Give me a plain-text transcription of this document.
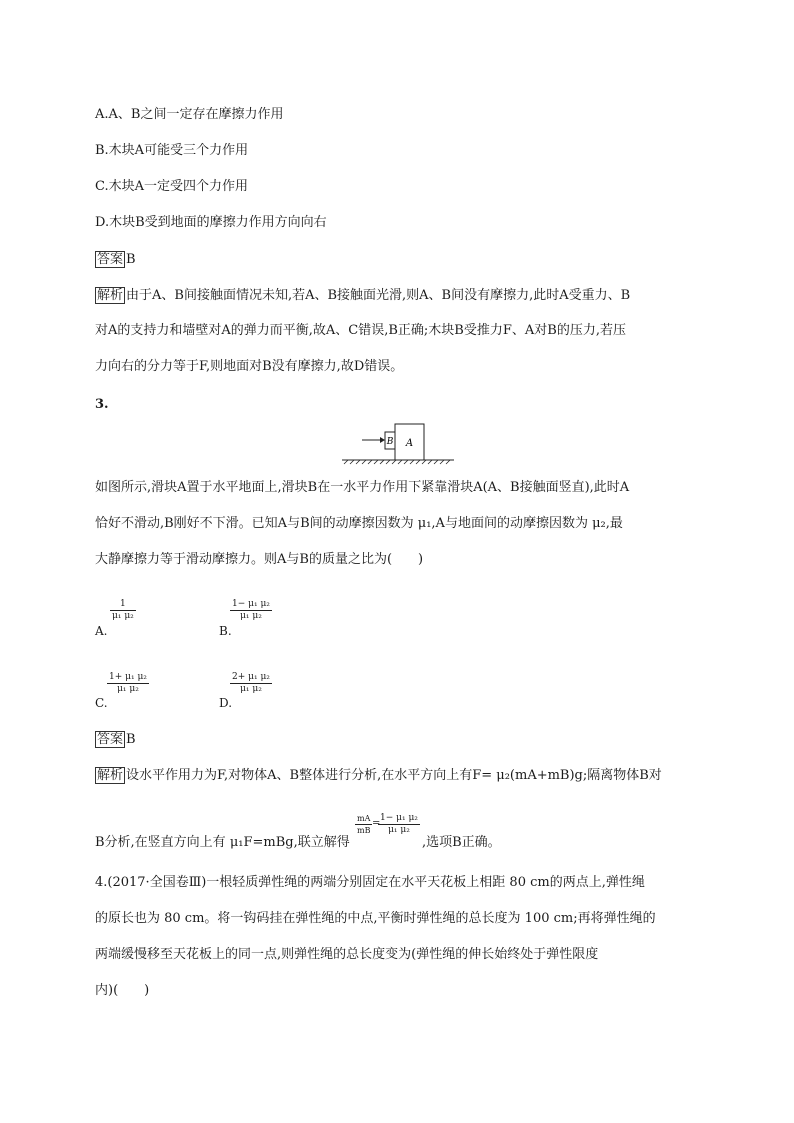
A.A、B之间一定存在摩擦力作用
B.木块A可能受三个力作用
C.木块A一定受四个力作用
D.木块B受到地面的摩擦力作用方向向右
答案 B
解析 由于A、B间接触面情况未知,若A、B接触面光滑,则A、B间没有摩擦力,此时A受重力、B
对A的支持力和墙壁对A的弹力而平衡,故A、C错误,B正确;木块B受推力F、A对B的压力,若压
力向右的分力等于F,则地面对B没有摩擦力,故D错误。
3.
B A
如图所示,滑块A置于水平地面上,滑块B在一水平力作用下紧靠滑块A(A、B接触面竖直),此时A
恰好不滑动,B刚好不下滑。已知A与B间的动摩擦因数为 μ₁,A与地面间的动摩擦因数为 μ₂,最
大静摩擦力等于滑动摩擦力。则A与B的质量之比为(　　)
$\frac{1}{\text{μ₁ μ₂}}$
A.
$\frac{\text{1− μ₁ μ₂}}{\text{μ₁ μ₂}}$
B.
$\frac{\text{1+ μ₁ μ₂}}{\text{μ₁ μ₂}}$
C.
$\frac{\text{2+ μ₁ μ₂}}{\text{μ₁ μ₂}}$
D.
答案 B
解析 设水平作用力为F,对物体A、B整体进行分析,在水平方向上有F= μ₂(mA+mB)g;隔离物体B对
B分析,在竖直方向上有 μ₁F=mBg,联立解得
$\frac{mA}{mB}$ =
$\frac{\text{1− μ₁ μ₂}}{\text{μ₁ μ₂}}$
,选项B正确。
4.(2017·全国卷Ⅲ)一根轻质弹性绳的两端分别固定在水平天花板上相距 80 cm的两点上,弹性绳
的原长也为 80 cm。将一钩码挂在弹性绳的中点,平衡时弹性绳的总长度为 100 cm;再将弹性绳的
两端缓慢移至天花板上的同一点,则弹性绳的总长度变为(弹性绳的伸长始终处于弹性限度
内)(　　)
